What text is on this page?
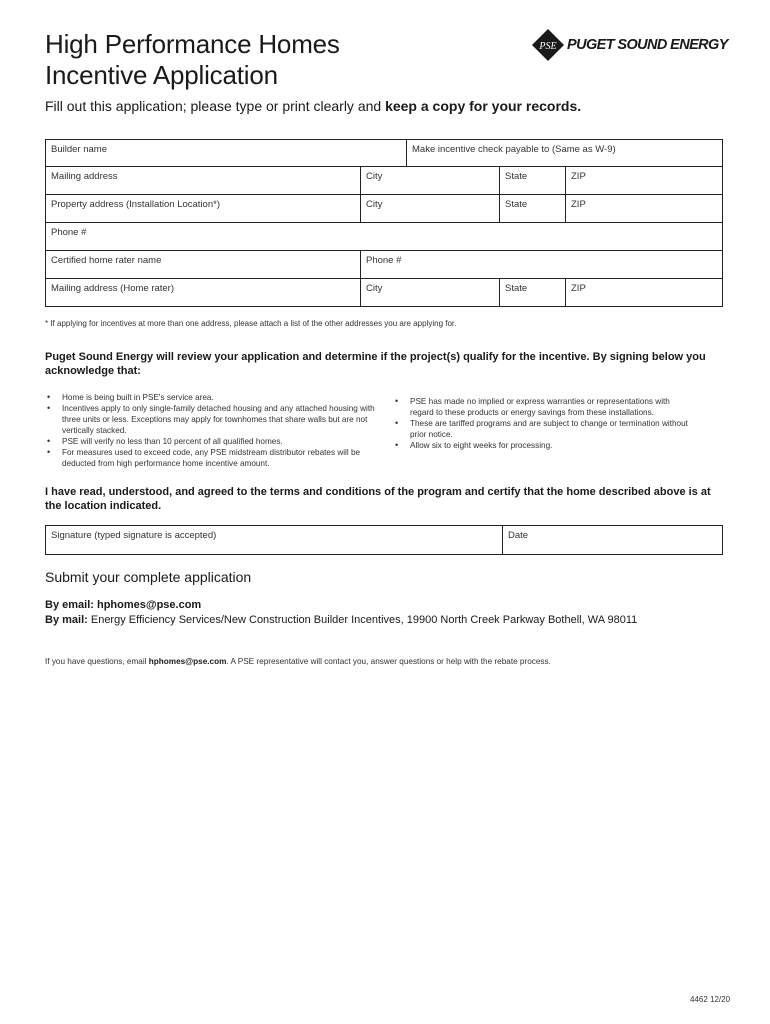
High Performance Homes
Incentive Application
PSE PUGET SOUND ENERGY
Fill out this application; please type or print clearly and keep a copy for your records.
Builder name	Make incentive check payable to (Same as W-9)
Mailing address	City	State	ZIP
Property address (Installation Location*)	City	State	ZIP
Phone #
Certified home rater name	Phone #
Mailing address (Home rater)	City	State	ZIP
* If applying for incentives at more than one address, please attach a list of the other addresses you are applying for.
Puget Sound Energy will review your application and determine if the project(s) qualify for the incentive. By signing below you acknowledge that:
• Home is being built in PSE's service area.
• Incentives apply to only single-family detached housing and any attached housing with three units or less. Exceptions may apply for townhomes that share walls but are not vertically stacked.
• PSE will verify no less than 10 percent of all qualified homes.
• For measures used to exceed code, any PSE midstream distributor rebates will be deducted from high performance home incentive amount.
• PSE has made no implied or express warranties or representations with regard to these products or energy savings from these installations.
• These are tariffed programs and are subject to change or termination without prior notice.
• Allow six to eight weeks for processing.
I have read, understood, and agreed to the terms and conditions of the program and certify that the home described above is at the location indicated.
Signature (typed signature is accepted)	Date
Submit your complete application
By email: hphomes@pse.com
By mail: Energy Efficiency Services/New Construction Builder Incentives, 19900 North Creek Parkway Bothell, WA 98011
If you have questions, email hphomes@pse.com. A PSE representative will contact you, answer questions or help with the rebate process.
4462 12/20
